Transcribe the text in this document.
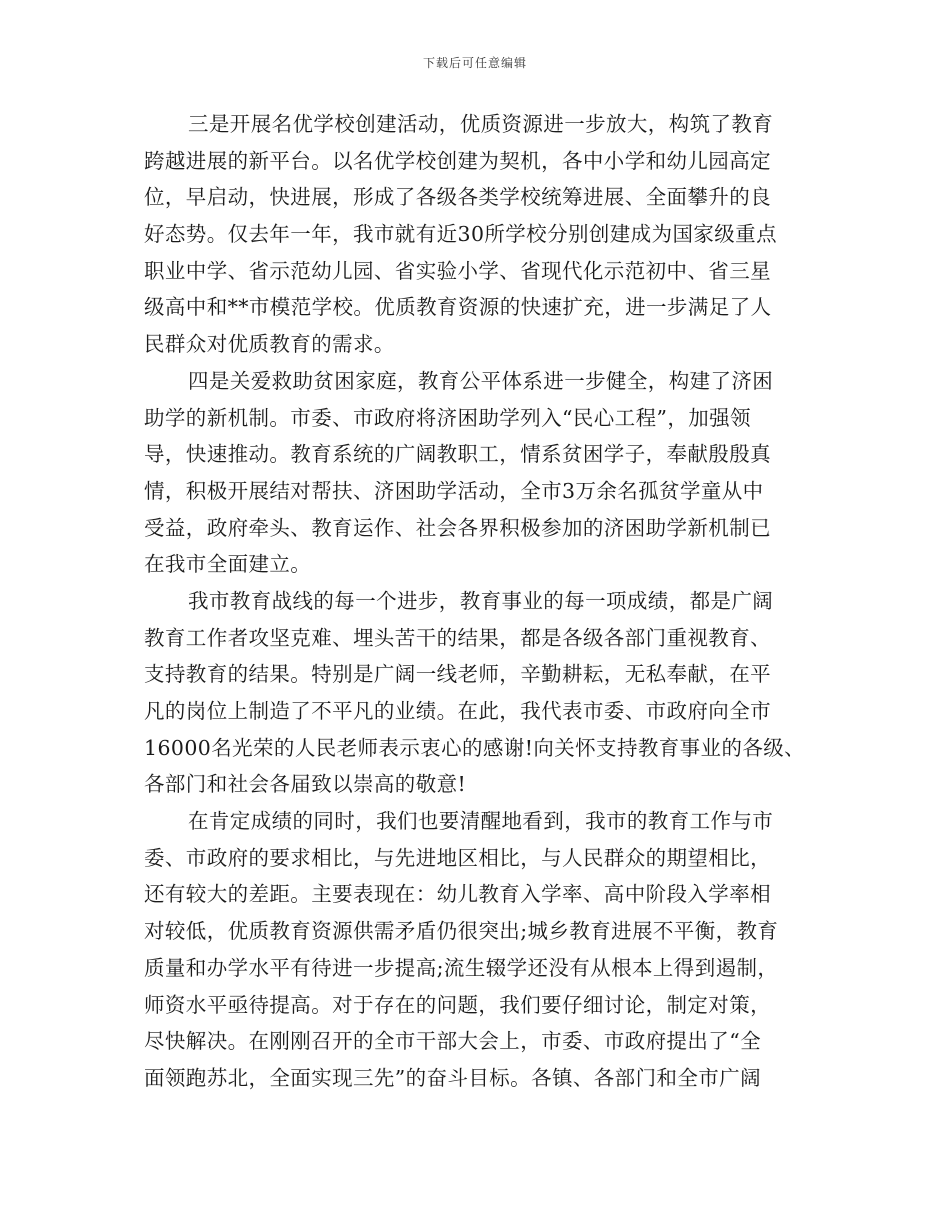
下载后可任意编辑
三是开展名优学校创建活动，优质资源进一步放大，构筑了教育
跨越进展的新平台。以名优学校创建为契机，各中小学和幼儿园高定
位，早启动，快进展，形成了各级各类学校统筹进展、全面攀升的良
好态势。仅去年一年，我市就有近30所学校分别创建成为国家级重点
职业中学、省示范幼儿园、省实验小学、省现代化示范初中、省三星
级高中和**市模范学校。优质教育资源的快速扩充，进一步满足了人
民群众对优质教育的需求。
四是关爱救助贫困家庭，教育公平体系进一步健全，构建了济困
助学的新机制。市委、市政府将济困助学列入“民心工程”，加强领
导，快速推动。教育系统的广阔教职工，情系贫困学子，奉献殷殷真
情，积极开展结对帮扶、济困助学活动，全市3万余名孤贫学童从中
受益，政府牵头、教育运作、社会各界积极参加的济困助学新机制已
在我市全面建立。
我市教育战线的每一个进步，教育事业的每一项成绩，都是广阔
教育工作者攻坚克难、埋头苦干的结果，都是各级各部门重视教育、
支持教育的结果。特别是广阔一线老师，辛勤耕耘，无私奉献，在平
凡的岗位上制造了不平凡的业绩。在此，我代表市委、市政府向全市
16000名光荣的人民老师表示衷心的感谢!向关怀支持教育事业的各级、
各部门和社会各届致以崇高的敬意!
在肯定成绩的同时，我们也要清醒地看到，我市的教育工作与市
委、市政府的要求相比，与先进地区相比，与人民群众的期望相比，
还有较大的差距。主要表现在：幼儿教育入学率、高中阶段入学率相
对较低，优质教育资源供需矛盾仍很突出;城乡教育进展不平衡，教育
质量和办学水平有待进一步提高;流生辍学还没有从根本上得到遏制，
师资水平亟待提高。对于存在的问题，我们要仔细讨论，制定对策，
尽快解决。在刚刚召开的全市干部大会上，市委、市政府提出了“全
面领跑苏北，全面实现三先”的奋斗目标。各镇、各部门和全市广阔
